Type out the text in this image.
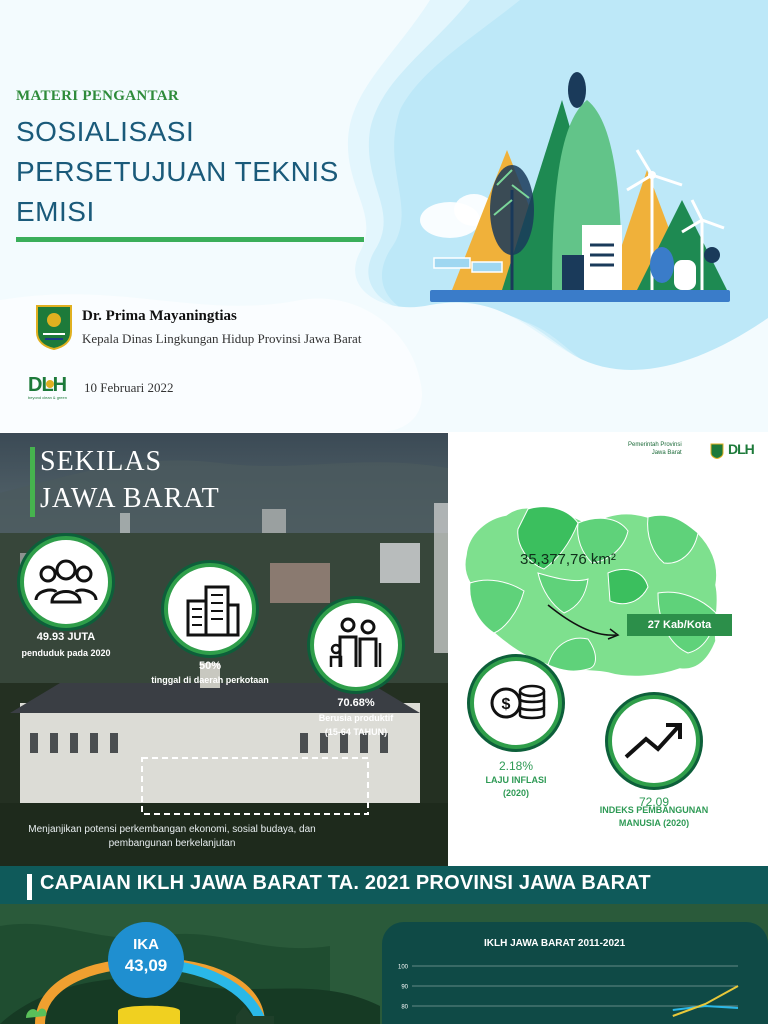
MATERI PENGANTAR
SOSIALISASI
PERSETUJUAN TEKNIS
EMISI
Dr. Prima Mayaningtias
Kepala Dinas Lingkungan Hidup Provinsi Jawa Barat
DLH
beyond clean & green
10 Februari 2022
SEKILAS
JAWA BARAT
49.93 JUTA
penduduk pada 2020
50%
tinggal di daerah perkotaan
70.68%
Berusia produktif
(15-64 TAHUN)
Menjanjikan potensi perkembangan ekonomi, sosial budaya, dan pembangunan berkelanjutan
Pemerintah Provinsi
Jawa Barat	DLH
35,377,76 km²
27 Kab/Kota
$
2.18%
LAJU INFLASI
(2020)
72.09
INDEKS PEMBANGUNAN
MANUSIA (2020)
CAPAIAN IKLH JAWA BARAT TA. 2021 PROVINSI JAWA BARAT
IKA
43,09
IKLH JAWA BARAT 2011-2021
100
90
80
